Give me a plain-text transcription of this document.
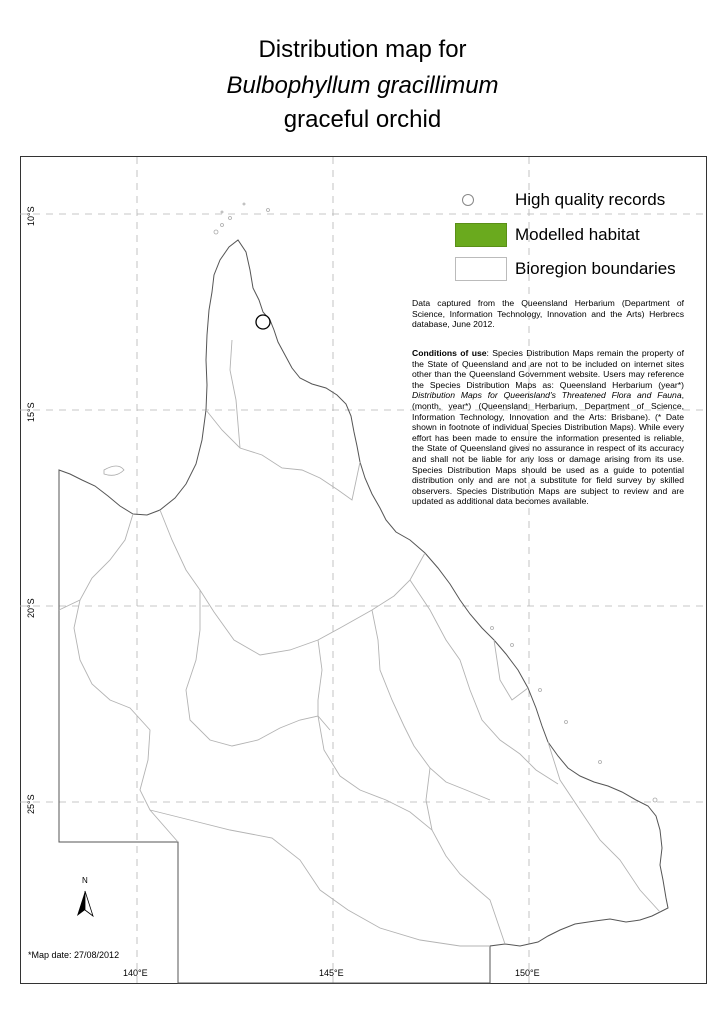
Distribution map for
Bulbophyllum gracillimum
graceful orchid
High quality records
Modelled habitat
Bioregion boundaries
Data captured from the Queensland Herbarium (Department of Science, Information Technology, Innovation and the Arts) Herbrecs database, June 2012.
Conditions of use: Species Distribution Maps remain the property of the State of Queensland and are not to be included on internet sites other than the Queensland Government website. Users may reference the Species Distribution Maps as: Queensland Herbarium (year*) Distribution Maps for Queensland's Threatened Flora and Fauna, (month, year*) (Queensland Herbarium, Department of Science, Information Technology, Innovation and the Arts: Brisbane). (* Date shown in footnote of individual Species Distribution Maps). While every effort has been made to ensure the information presented is reliable, the State of Queensland gives no assurance in respect of its accuracy and shall not be liable for any loss or damage arising from its use. Species Distribution Maps should be used as a guide to potential distribution only and are not a substitute for field survey by skilled observers. Species Distribution Maps are subject to review and are updated as additional data becomes available.
10°S
15°S
20°S
25°S
140°E	145°E	150°E
N
*Map date: 27/08/2012
